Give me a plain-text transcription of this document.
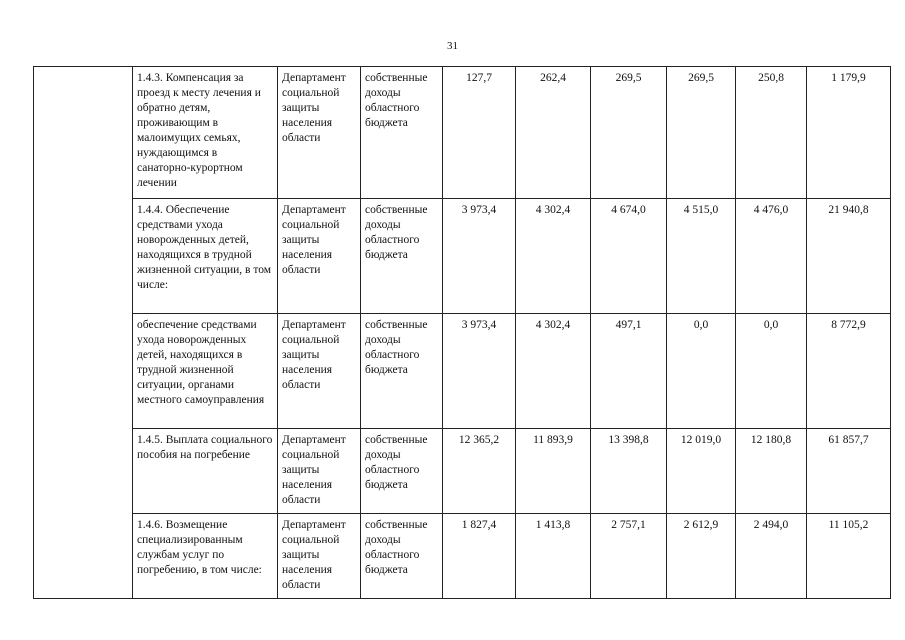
31
	1.4.3. Компенсация за проезд к месту лечения и обратно детям, проживающим в малоимущих семьях, нуждающимся в санаторно-курортном лечении	Департамент социальной защиты населения области	собственные доходы областного бюджета	127,7	262,4	269,5	269,5	250,8	1 179,9

	1.4.4. Обеспечение средствами ухода новорожденных детей, находящихся в трудной жизненной ситуации, в том числе:	Департамент социальной защиты населения области	собственные доходы областного бюджета	3 973,4	4 302,4	4 674,0	4 515,0	4 476,0	21 940,8

	обеспечение средствами ухода новорожденных детей, находящихся в трудной жизненной ситуации, органами местного самоуправления	Департамент социальной защиты населения области	собственные доходы областного бюджета	3 973,4	4 302,4	497,1	0,0	0,0	8 772,9

	1.4.5. Выплата социального пособия на погребение	Департамент социальной защиты населения области	собственные доходы областного бюджета	12 365,2	11 893,9	13 398,8	12 019,0	12 180,8	61 857,7

	1.4.6. Возмещение специализированным службам услуг по погребению, в том числе:	Департамент социальной защиты населения области	собственные доходы областного бюджета	1 827,4	1 413,8	2 757,1	2 612,9	2 494,0	11 105,2
